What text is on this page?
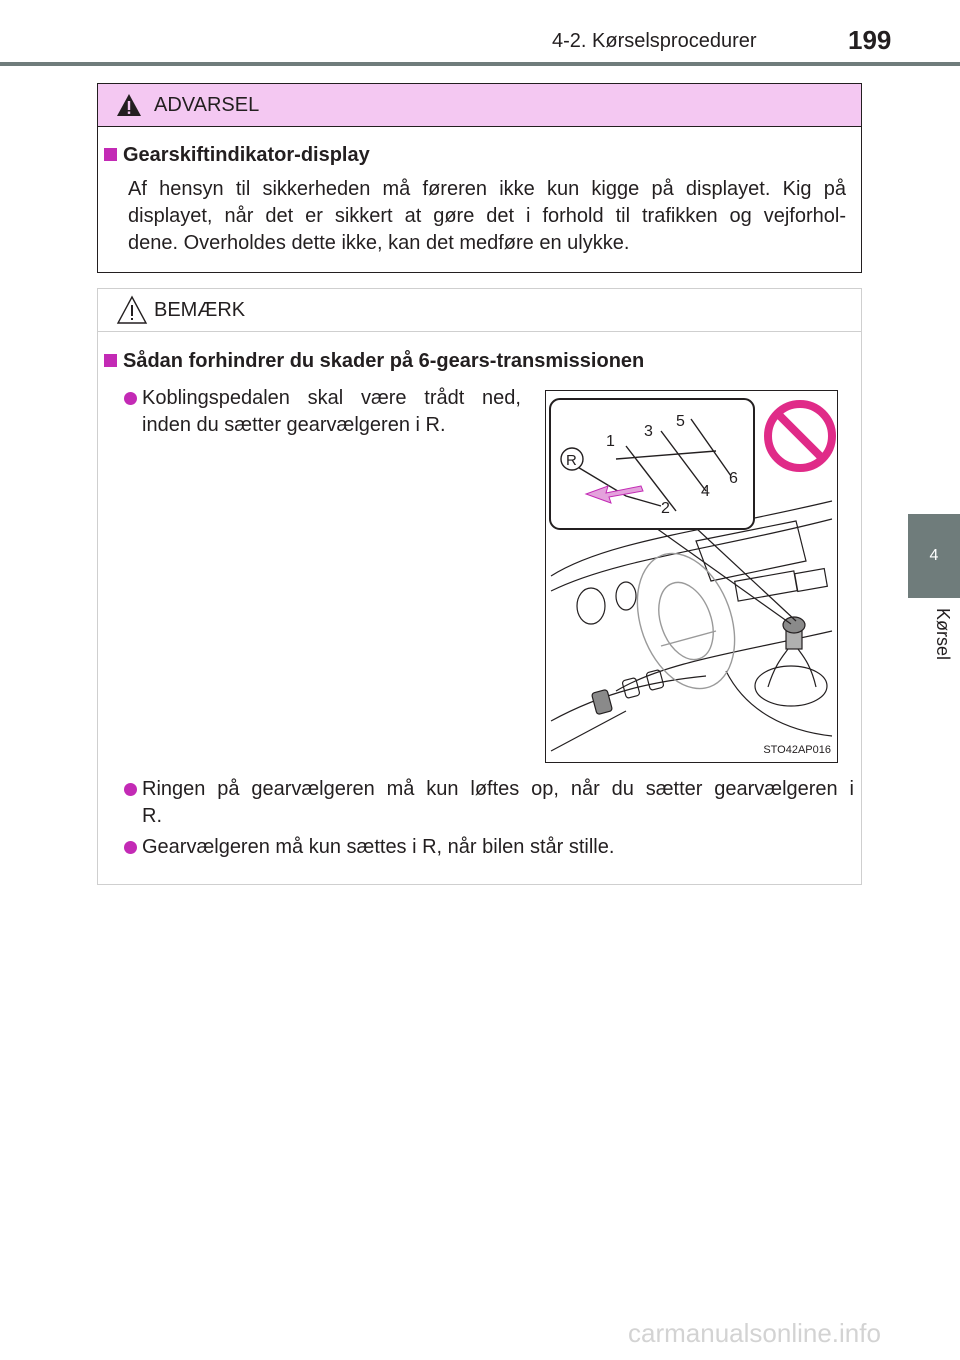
4-2. Kørselsprocedurer	199
4
Kørsel
ADVARSEL
Gearskiftindikator-display
Af hensyn til sikkerheden må føreren ikke kun kigge på displayet. Kig på
displayet, når det er sikkert at gøre det i forhold til trafikken og vejforhol-
dene. Overholdes dette ikke, kan det medføre en ulykke.
BEMÆRK
Sådan forhindrer du skader på 6-gears-transmissionen
Koblingspedalen skal være trådt ned,
inden du sætter gearvælgeren i R.
Ringen på gearvælgeren må kun løftes op, når du sætter gearvælgeren i
R.
Gearvælgeren må kun sættes i R, når bilen står stille.
R
1
3
5
2
4
6
STO42AP016
carmanualsonline.info
